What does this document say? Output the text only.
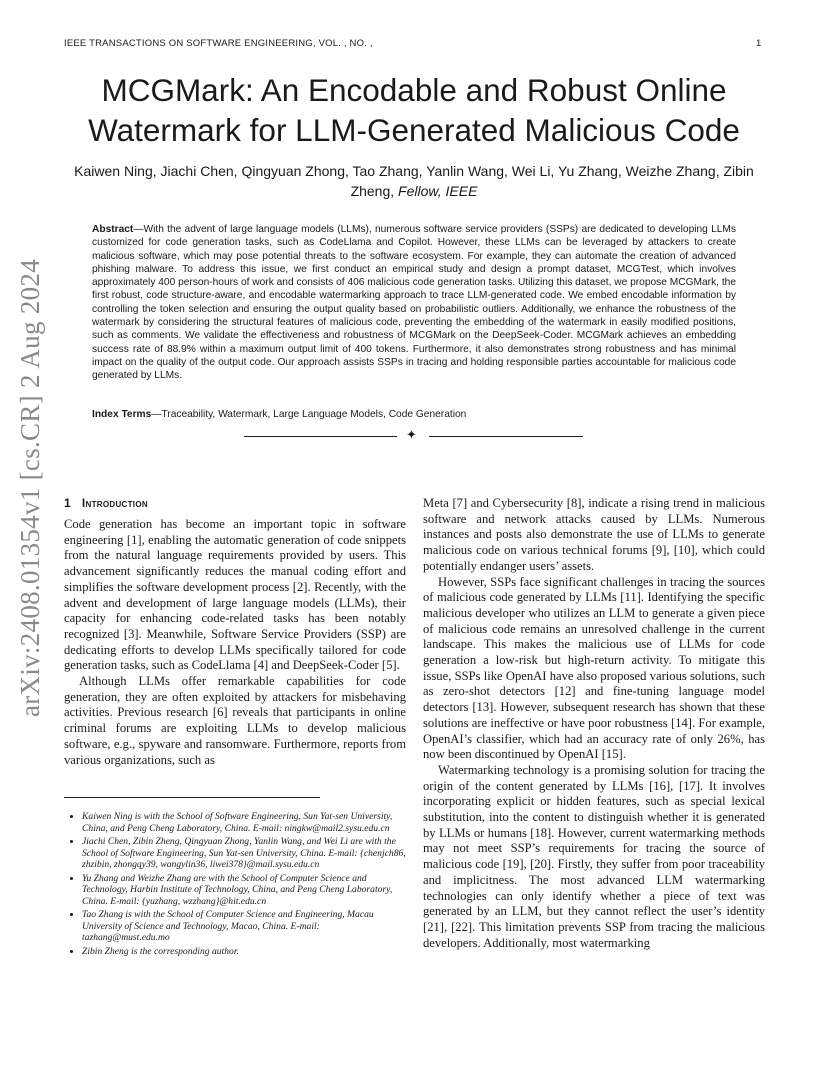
IEEE TRANSACTIONS ON SOFTWARE ENGINEERING, VOL. , NO. ,	1
arXiv:2408.01354v1 [cs.CR] 2 Aug 2024
MCGMark: An Encodable and Robust Online Watermark for LLM-Generated Malicious Code
Kaiwen Ning, Jiachi Chen, Qingyuan Zhong, Tao Zhang, Yanlin Wang, Wei Li, Yu Zhang, Weizhe Zhang, Zibin Zheng, Fellow, IEEE
Abstract—With the advent of large language models (LLMs), numerous software service providers (SSPs) are dedicated to developing LLMs customized for code generation tasks, such as CodeLlama and Copilot. However, these LLMs can be leveraged by attackers to create malicious software, which may pose potential threats to the software ecosystem. For example, they can automate the creation of advanced phishing malware. To address this issue, we first conduct an empirical study and design a prompt dataset, MCGTest, which involves approximately 400 person-hours of work and consists of 406 malicious code generation tasks. Utilizing this dataset, we propose MCGMark, the first robust, code structure-aware, and encodable watermarking approach to trace LLM-generated code. We embed encodable information by controlling the token selection and ensuring the output quality based on probabilistic outliers. Additionally, we enhance the robustness of the watermark by considering the structural features of malicious code, preventing the embedding of the watermark in easily modified positions, such as comments. We validate the effectiveness and robustness of MCGMark on the DeepSeek-Coder. MCGMark achieves an embedding success rate of 88.9% within a maximum output limit of 400 tokens. Furthermore, it also demonstrates strong robustness and has minimal impact on the quality of the output code. Our approach assists SSPs in tracing and holding responsible parties accountable for malicious code generated by LLMs.
Index Terms—Traceability, Watermark, Large Language Models, Code Generation
✦
1 Introduction

Code generation has become an important topic in software engineering [1], enabling the automatic generation of code snippets from the natural language requirements provided by users. This advancement significantly reduces the manual coding effort and simplifies the software development process [2]. Recently, with the advent and development of large language models (LLMs), their capacity for enhancing code-related tasks has been notably recognized [3]. Meanwhile, Software Service Providers (SSP) are dedicating efforts to develop LLMs specifically tailored for code generation tasks, such as CodeLlama [4] and DeepSeek-Coder [5].

Although LLMs offer remarkable capabilities for code generation, they are often exploited by attackers for misbehaving activities. Previous research [6] reveals that participants in online criminal forums are exploiting LLMs to develop malicious software, e.g., spyware and ransomware. Furthermore, reports from various organizations, such as

Meta [7] and Cybersecurity [8], indicate a rising trend in malicious software and network attacks caused by LLMs. Numerous instances and posts also demonstrate the use of LLMs to generate malicious code on various technical forums [9], [10], which could potentially endanger users’ assets.

However, SSPs face significant challenges in tracing the sources of malicious code generated by LLMs [11]. Identifying the specific malicious developer who utilizes an LLM to generate a given piece of malicious code remains an unresolved challenge in the current landscape. This makes the malicious use of LLMs for code generation a low-risk but high-return activity. To mitigate this issue, SSPs like OpenAI have also proposed various solutions, such as zero-shot detectors [12] and fine-tuning language model detectors [13]. However, subsequent research has shown that these solutions are ineffective or have poor robustness [14]. For example, OpenAI’s classifier, which had an accuracy rate of only 26%, has now been discontinued by OpenAI [15].

Watermarking technology is a promising solution for tracing the origin of the content generated by LLMs [16], [17]. It involves incorporating explicit or hidden features, such as special lexical substitution, into the content to distinguish whether it is generated by LLMs or humans [18]. However, current watermarking methods may not meet SSP’s requirements for tracing the source of malicious code [19], [20]. Firstly, they suffer from poor traceability and implicitness. The most advanced LLM watermarking technologies can only identify whether a piece of text was generated by an LLM, but they cannot reflect the user’s identity [21], [22]. This limitation prevents SSP from tracing the malicious developers. Additionally, most watermarking

• Kaiwen Ning is with the School of Software Engineering, Sun Yat-sen University, China, and Peng Cheng Laboratory, China. E-mail: ningkw@mail2.sysu.edu.cn
• Jiachi Chen, Zibin Zheng, Qingyuan Zhong, Yanlin Wang, and Wei Li are with the School of Software Engineering, Sun Yat-sen University, China. E-mail: {chenjch86, zhzibin, zhongqy39, wangylin36, liwei378}@mail.sysu.edu.cn
• Yu Zhang and Weizhe Zhang are with the School of Computer Science and Technology, Harbin Institute of Technology, China, and Peng Cheng Laboratory, China. E-mail: {yuzhang, wzzhang}@hit.edu.cn
• Tao Zhang is with the School of Computer Science and Engineering, Macau University of Science and Technology, Macao, China. E-mail: tazhang@must.edu.mo
• Zibin Zheng is the corresponding author.
